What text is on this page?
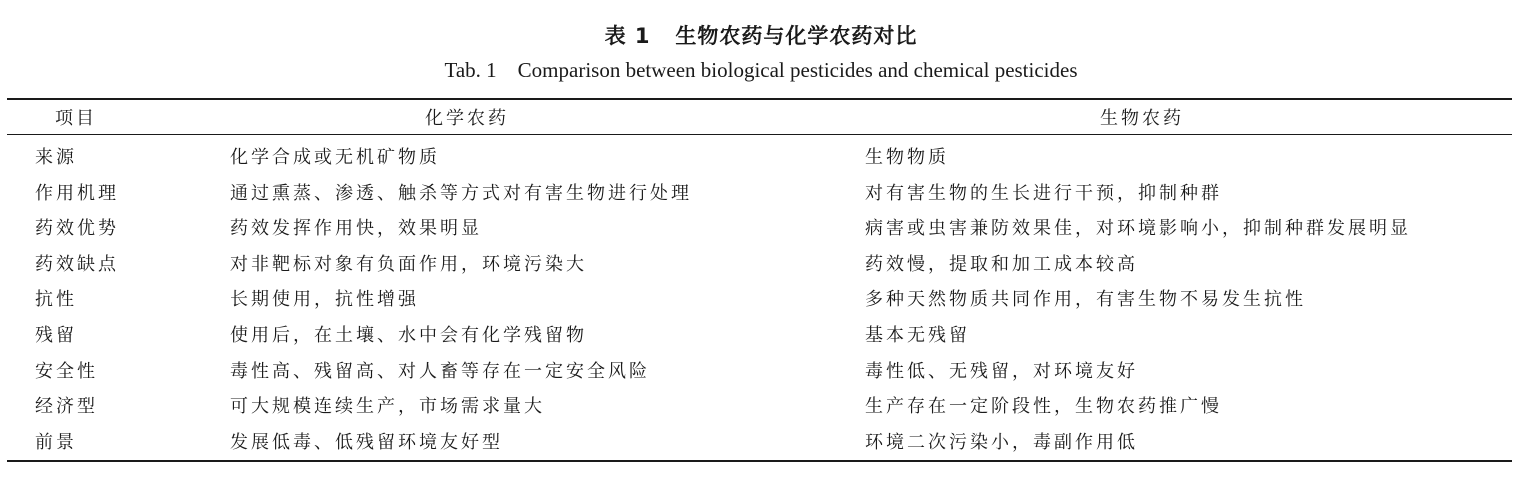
表 1   生物农药与化学农药对比
Tab. 1    Comparison between biological pesticides and chemical pesticides
项目	化学农药	生物农药
来源	化学合成或无机矿物质	生物物质
作用机理	通过熏蒸、渗透、触杀等方式对有害生物进行处理	对有害生物的生长进行干预，抑制种群
药效优势	药效发挥作用快，效果明显	病害或虫害兼防效果佳，对环境影响小，抑制种群发展明显
药效缺点	对非靶标对象有负面作用，环境污染大	药效慢，提取和加工成本较高
抗性	长期使用，抗性增强	多种天然物质共同作用，有害生物不易发生抗性
残留	使用后，在土壤、水中会有化学残留物	基本无残留
安全性	毒性高、残留高、对人畜等存在一定安全风险	毒性低、无残留，对环境友好
经济型	可大规模连续生产，市场需求量大	生产存在一定阶段性，生物农药推广慢
前景	发展低毒、低残留环境友好型	环境二次污染小，毒副作用低
